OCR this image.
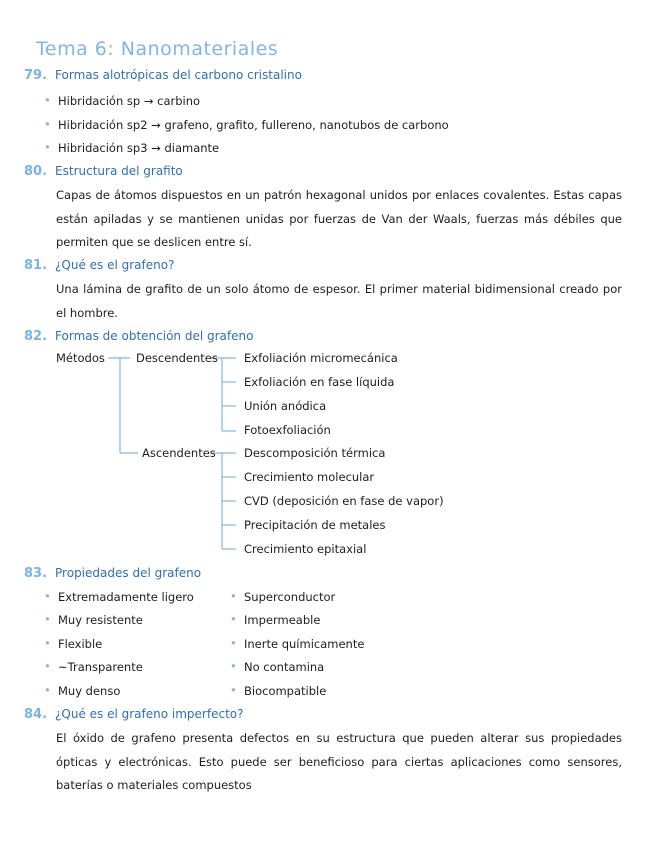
Tema 6: Nanomateriales
79. Formas alotrópicas del carbono cristalino
• Hibridación sp → carbino
• Hibridación sp2 → grafeno, grafito, fullereno, nanotubos de carbono
• Hibridación sp3 → diamante
80. Estructura del grafito
Capas de átomos dispuestos en un patrón hexagonal unidos por enlaces covalentes. Estas capas están apiladas y se mantienen unidas por fuerzas de Van der Waals, fuerzas más débiles que permiten que se deslicen entre sí.
81. ¿Qué es el grafeno?
Una lámina de grafito de un solo átomo de espesor. El primer material bidimensional creado por el hombre.
82. Formas de obtención del grafeno
Métodos	Descendentes Exfoliación micromecánica
Exfoliación en fase líquida
Unión anódica
Fotoexfoliación
Ascendentes Descomposición térmica
Crecimiento molecular
CVD (deposición en fase de vapor)
Precipitación de metales
Crecimiento epitaxial
83. Propiedades del grafeno
• Extremadamente ligero
• Muy resistente
• Flexible
• ~Transparente
• Muy denso
• Superconductor
• Impermeable
• Inerte químicamente
• No contamina
• Biocompatible
84. ¿Qué es el grafeno imperfecto?
El óxido de grafeno presenta defectos en su estructura que pueden alterar sus propiedades ópticas y electrónicas. Esto puede ser beneficioso para ciertas aplicaciones como sensores, baterías o materiales compuestos
